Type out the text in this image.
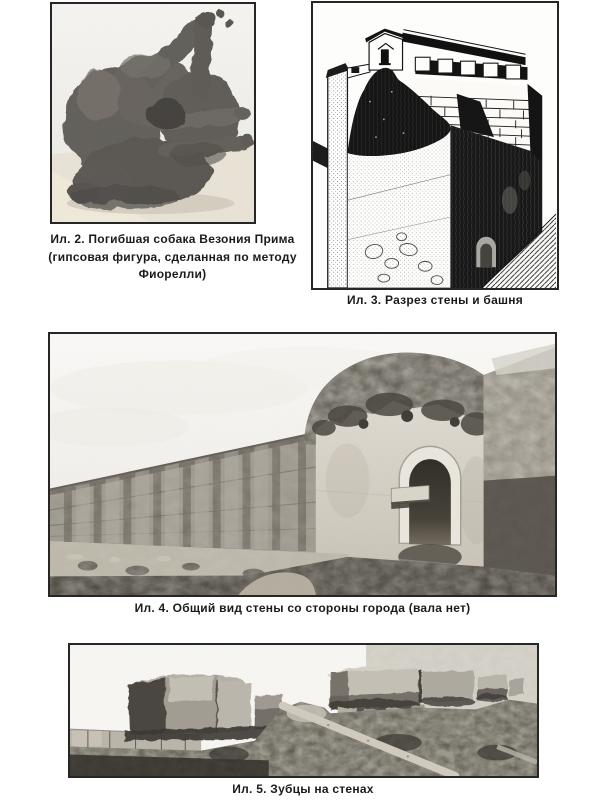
Ил. 2. Погибшая собака Везония Прима
(гипсовая фигура, сделанная по методу
Фиорелли)
Ил. 3. Разрез стены и башня
Ил. 4. Общий вид стены со стороны города (вала нет)
Ил. 5. Зубцы на стенах
